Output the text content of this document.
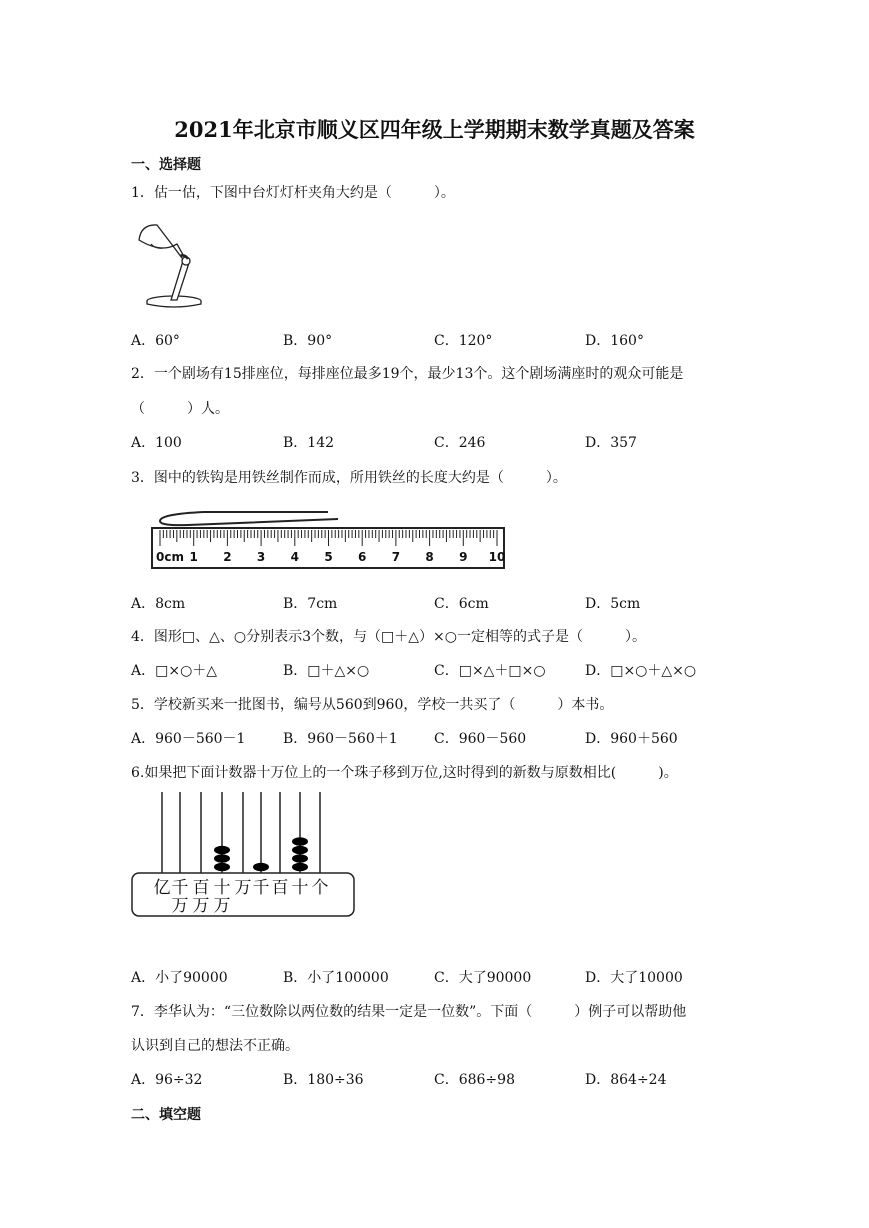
2021年北京市顺义区四年级上学期期末数学真题及答案
一、选择题
1．估一估，下图中台灯灯杆夹角大约是（　　　）。
A．60°	B．90°	C．120°	D．160°
2．一个剧场有15排座位，每排座位最多19个，最少13个。这个剧场满座时的观众可能是
（　　　）人。
A．100	B．142	C．246	D．357
3．图中的铁钩是用铁丝制作而成，所用铁丝的长度大约是（　　　）。
0cm 1 2 3 4 5 6 7 8 9 10
A．8cm	B．7cm	C．6cm	D．5cm
4．图形□、△、○分别表示3个数，与（□＋△）×○一定相等的式子是（　　　）。
A．□×○＋△	B．□＋△×○	C．□×△＋□×○	D．□×○＋△×○
5．学校新买来一批图书，编号从560到960，学校一共买了（　　　）本书。
A．960－560－1	B．960－560＋1	C．960－560	D．960＋560
6.如果把下面计数器十万位上的一个珠子移到万位,这时得到的新数与原数相比(　　　)。
亿 千 百 十 万 千 百 十 个
万 万 万
A．小了90000	B．小了100000	C．大了90000	D．大了10000
7．李华认为：“三位数除以两位数的结果一定是一位数”。下面（　　　）例子可以帮助他
认识到自己的想法不正确。
A．96÷32	B．180÷36	C．686÷98	D．864÷24
二、填空题
